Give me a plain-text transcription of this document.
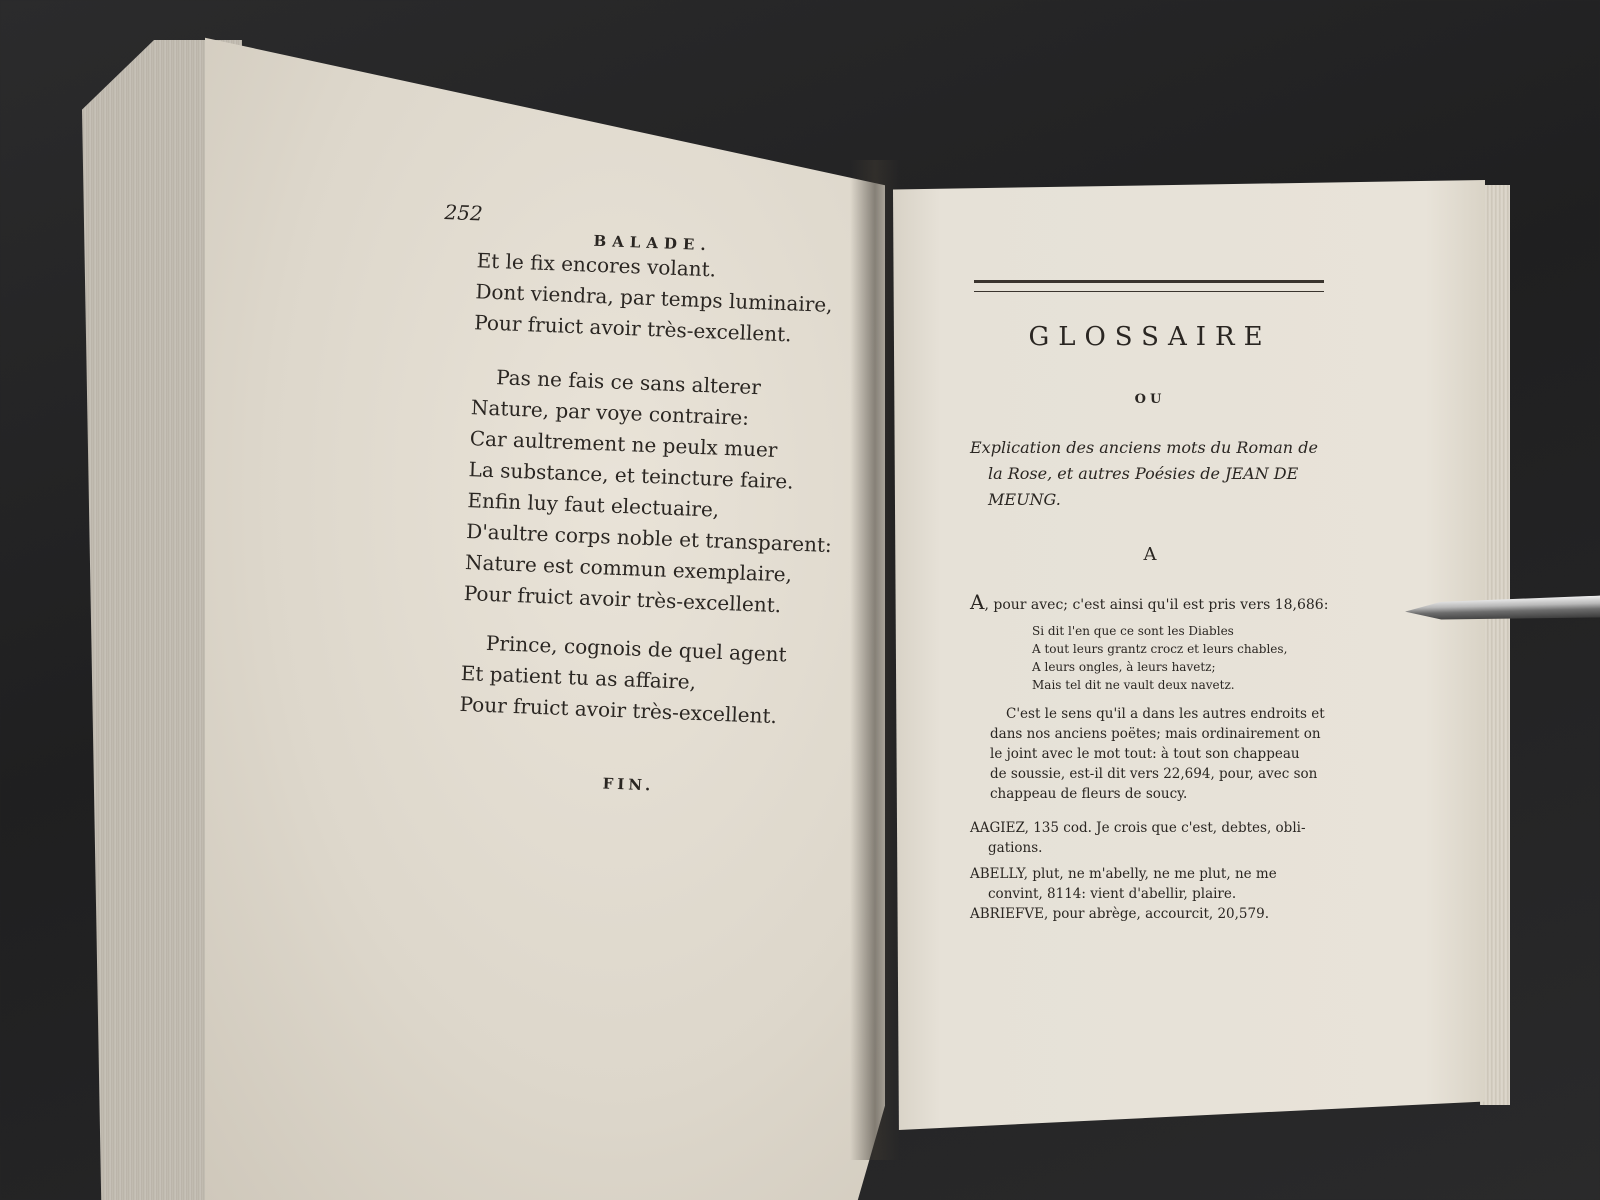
252
BALADE.
Et le fix encores volant.
Dont viendra, par temps luminaire,
Pour fruict avoir très-excellent.
Pas ne fais ce sans alterer
Nature, par voye contraire:
Car aultrement ne peulx muer
La substance, et teincture faire.
Enfin luy faut electuaire,
D'aultre corps noble et transparent:
Nature est commun exemplaire,
Pour fruict avoir très-excellent.
Prince, cognois de quel agent
Et patient tu as affaire,
Pour fruict avoir très-excellent.
FIN.
GLOSSAIRE
OU
Explication des anciens mots du Roman de
la Rose, et autres Poésies de JEAN DE
MEUNG.
A
A, pour avec; c'est ainsi qu'il est pris vers 18,686:
Si dit l'en que ce sont les Diables
A tout leurs grantz crocz et leurs chables,
A leurs ongles, à leurs havetz;
Mais tel dit ne vault deux navetz.
C'est le sens qu'il a dans les autres endroits et
dans nos anciens poëtes; mais ordinairement on
le joint avec le mot tout: à tout son chappeau
de soussie, est-il dit vers 22,694, pour, avec son
chappeau de fleurs de soucy.
AAGIEZ, 135 cod. Je crois que c'est, debtes, obli-
gations.
ABELLY, plut, ne m'abelly, ne me plut, ne me
convint, 8114: vient d'abellir, plaire.
ABRIEFVE, pour abrège, accourcit, 20,579.
